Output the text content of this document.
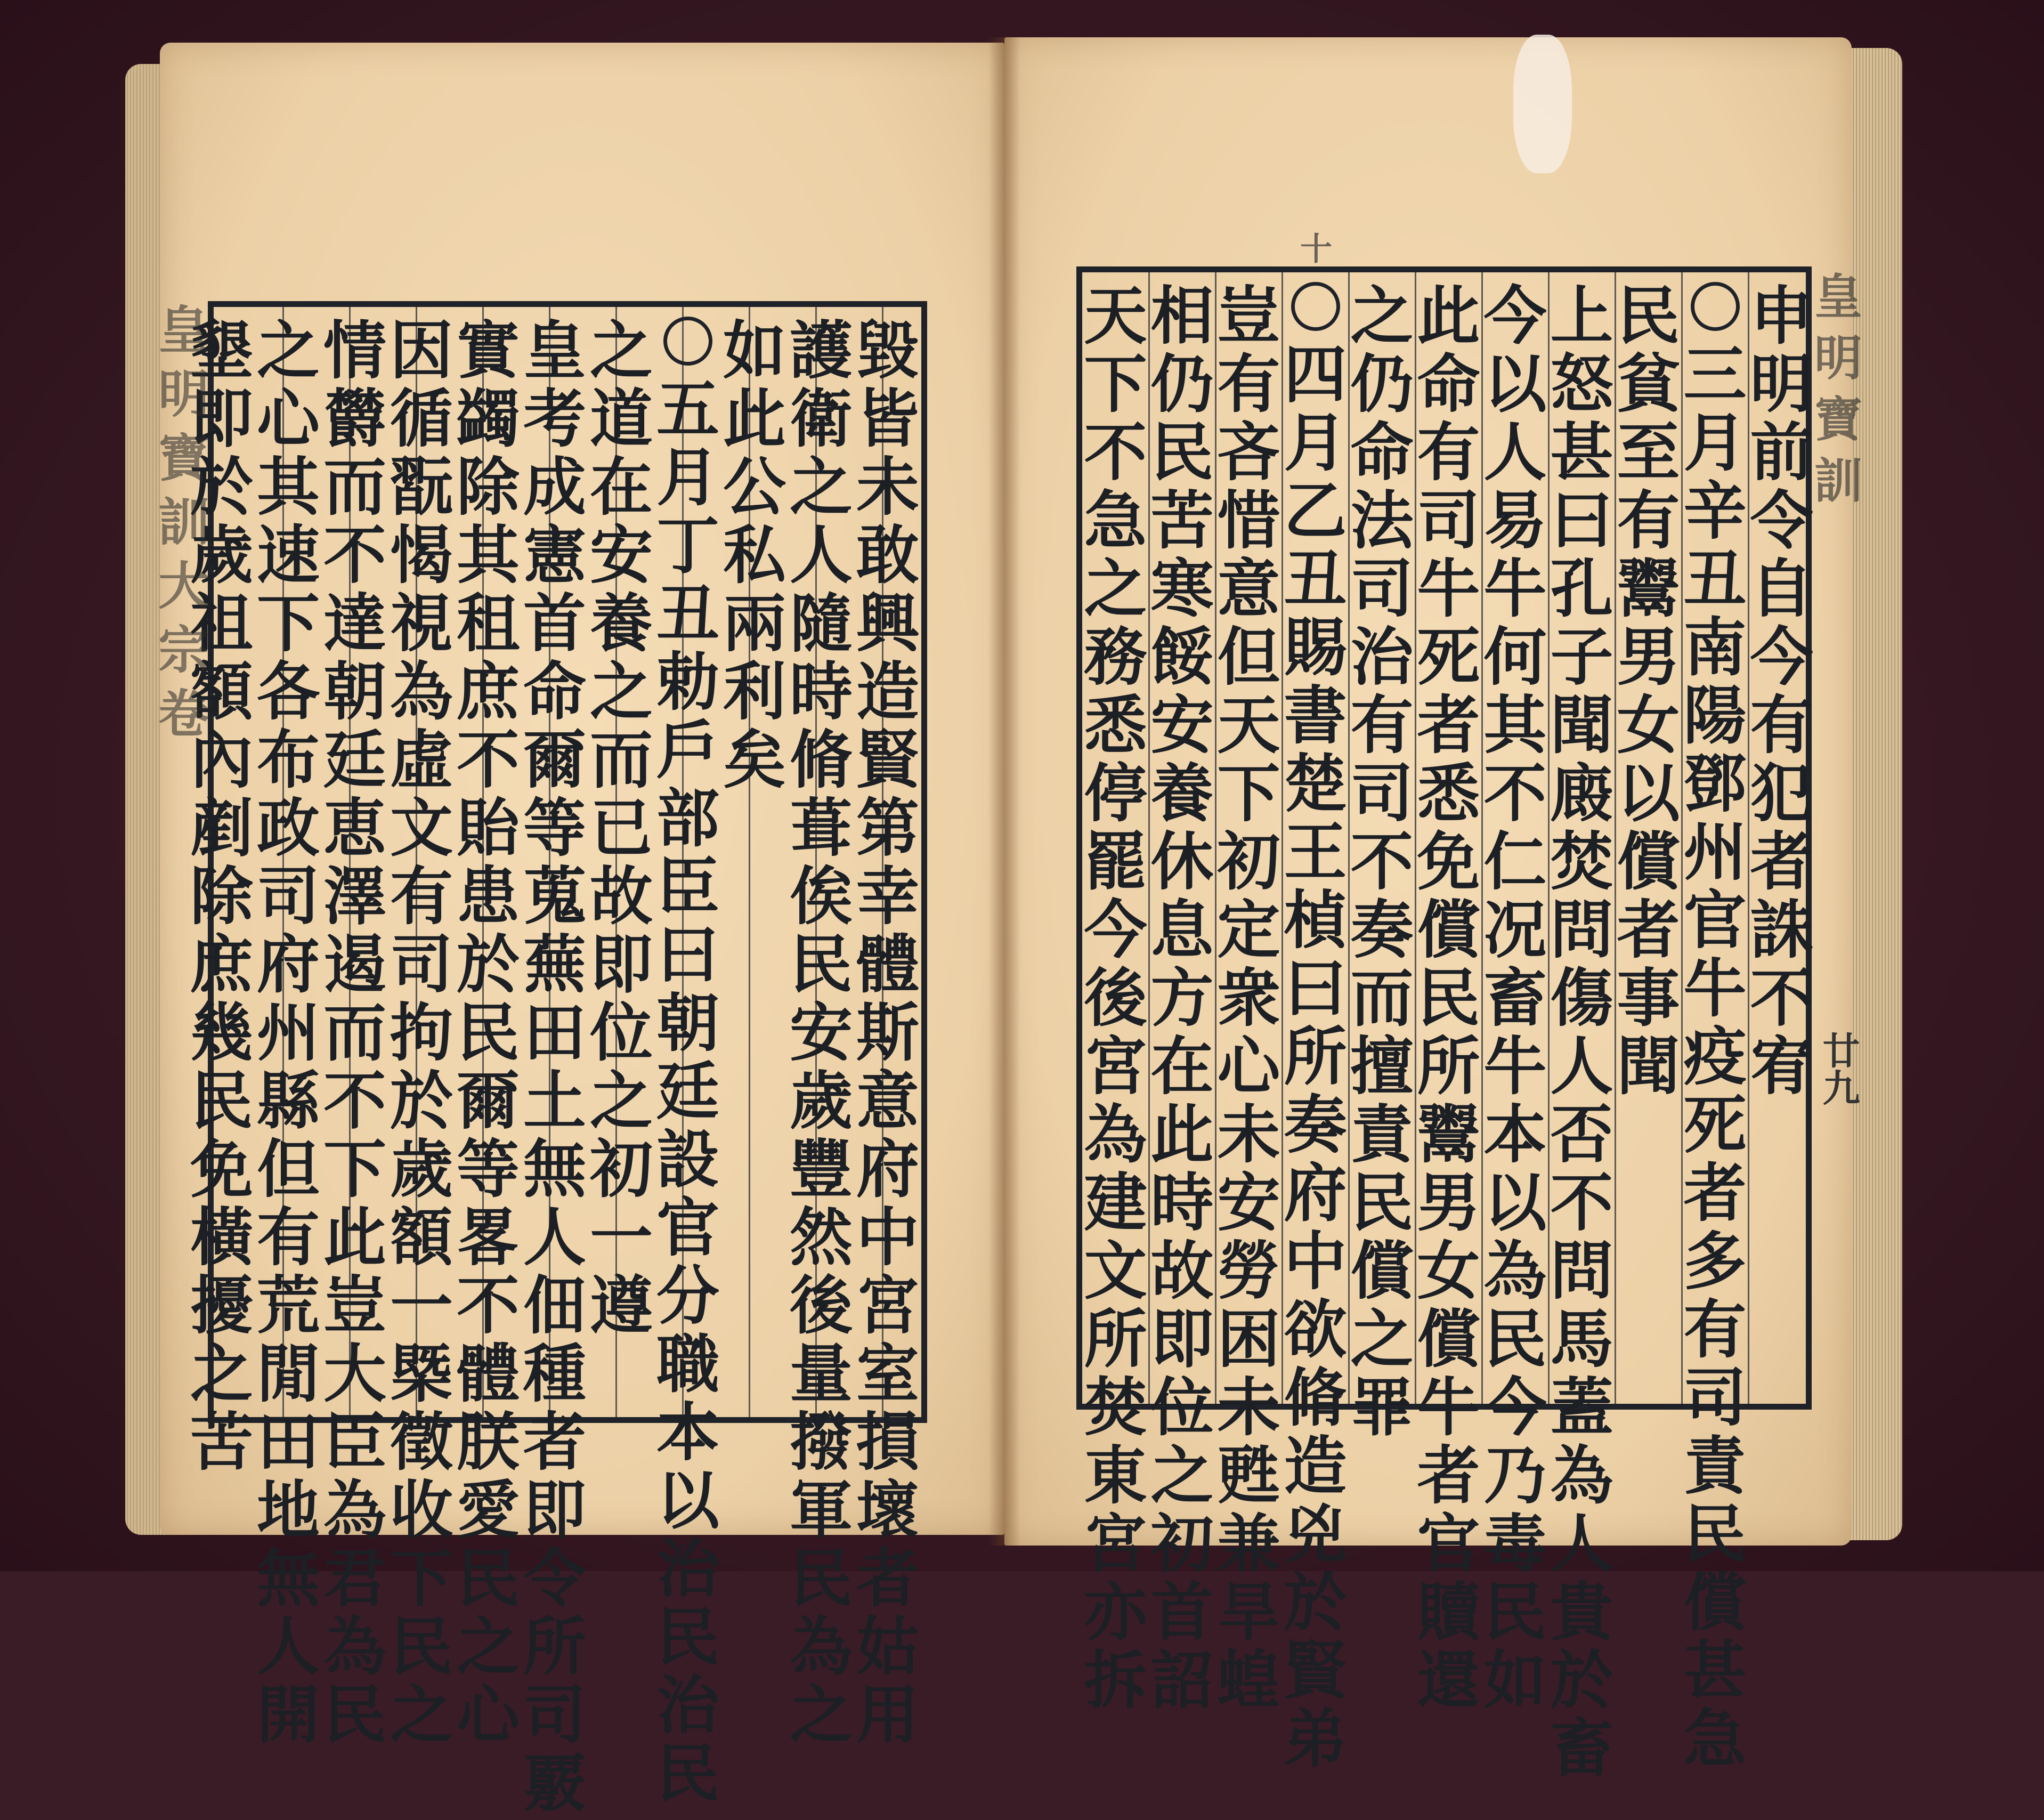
毀
皆
未
敢
興
造
賢
第
幸
體
斯
意
府
中
宮
室
損
壞
者
姑
用
護
衛
之
人
隨
時
脩
葺
俟
民
安
歲
豐
然
後
量
撥
軍
民
為
之
如
此
公
私
兩
利
矣
五
月
丁
丑
勅
戶
部
臣
曰
朝
廷
設
官
分
職
本
以
治
民
治
民
之
道
在
安
養
之
而
已
故
即
位
之
初
一
遵
皇
考
成
憲
首
命
爾
等
蒐
蕪
田
土
無
人
佃
種
者
即
令
所
司
覈
實
蠲
除
其
租
庶
不
貽
患
於
民
爾
等
畧
不
體
朕
愛
民
之
心
因
循
翫
愒
視
為
虛
文
有
司
拘
於
歲
額
一
槩
徵
收
下
民
之
情
欝
而
不
達
朝
廷
恵
澤
遏
而
不
下
此
豈
大
臣
為
君
為
民
之
心
其
速
下
各
布
政
司
府
州
縣
但
有
荒
閒
田
地
無
人
開
墾
即
於
歲
祖
額
內
剷
除
庶
幾
民
免
橫
擾
之
苦
皇
明
寶
訓
大
宗
卷
申
明
前
令
自
今
有
犯
者
誅
不
宥
三
月
辛
丑
南
陽
鄧
州
官
牛
疫
死
者
多
有
司
責
民
償
甚
急
民
貧
至
有
鬻
男
女
以
償
者
事
聞
上
怒
甚
曰
孔
子
聞
廄
焚
問
傷
人
否
不
問
馬
蓋
為
人
貴
於
畜
今
以
人
易
牛
何
其
不
仁
况
畜
牛
本
以
為
民
今
乃
毒
民
如
此
命
有
司
牛
死
者
悉
免
償
民
所
鬻
男
女
償
牛
者
官
贖
還
之
仍
命
法
司
治
有
司
不
奏
而
擅
責
民
償
之
罪
四
月
乙
丑
賜
書
楚
王
楨
曰
所
奏
府
中
欲
脩
造
兇
於
賢
弟
豈
有
吝
惜
意
但
天
下
初
定
衆
心
未
安
勞
困
未
甦
兼
旱
蝗
相
仍
民
苦
寒
餒
安
養
休
息
方
在
此
時
故
即
位
之
初
首
詔
天
下
不
急
之
務
悉
停
罷
今
後
宮
為
建
文
所
焚
東
宮
亦
拆
皇
明
寶
訓
廿九
十
